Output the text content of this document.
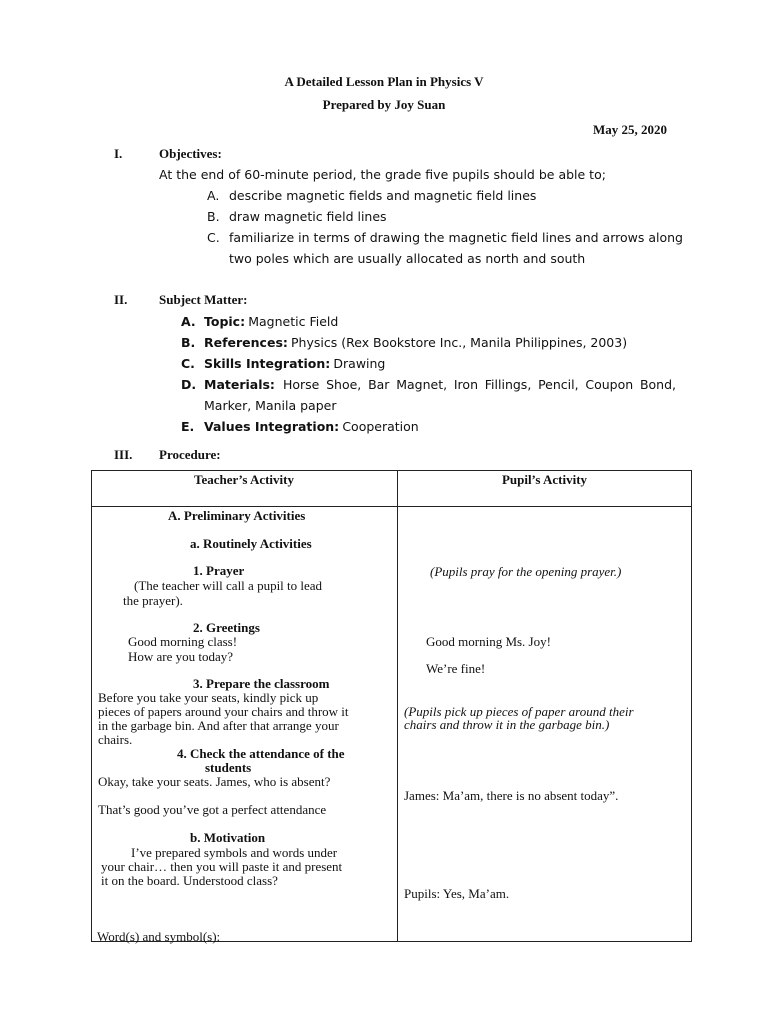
A Detailed Lesson Plan in Physics V
Prepared by Joy Suan
May 25, 2020
I.	Objectives:
At the end of 60-minute period, the grade five pupils should be able to;
A. describe magnetic fields and magnetic field lines
B. draw magnetic field lines
C. familiarize in terms of drawing the magnetic field lines and arrows along
two poles which are usually allocated as north and south
II. Subject Matter:
A. Topic: Magnetic Field
B. References: Physics (Rex Bookstore Inc., Manila Philippines, 2003)
C. Skills Integration: Drawing
D. Materials: Horse Shoe, Bar Magnet, Iron Fillings, Pencil, Coupon Bond,
Marker, Manila paper
E. Values Integration: Cooperation
III. Procedure:
Teacher’s Activity	Pupil’s Activity
A. Preliminary Activities
a. Routinely Activities
1. Prayer
(The teacher will call a pupil to lead
the prayer).
2. Greetings
Good morning class!
How are you today?
3. Prepare the classroom
Before you take your seats, kindly pick up
pieces of papers around your chairs and throw it
in the garbage bin. And after that arrange your
chairs.
4. Check the attendance of the
students
Okay, take your seats. James, who is absent?
That’s good you’ve got a perfect attendance
b. Motivation
I’ve prepared symbols and words under
your chair… then you will paste it and present
it on the board. Understood class?
Word(s) and symbol(s):
(Pupils pray for the opening prayer.)
Good morning Ms. Joy!
We’re fine!
(Pupils pick up pieces of paper around their
chairs and throw it in the garbage bin.)
James: Ma’am, there is no absent today”.
Pupils: Yes, Ma’am.
